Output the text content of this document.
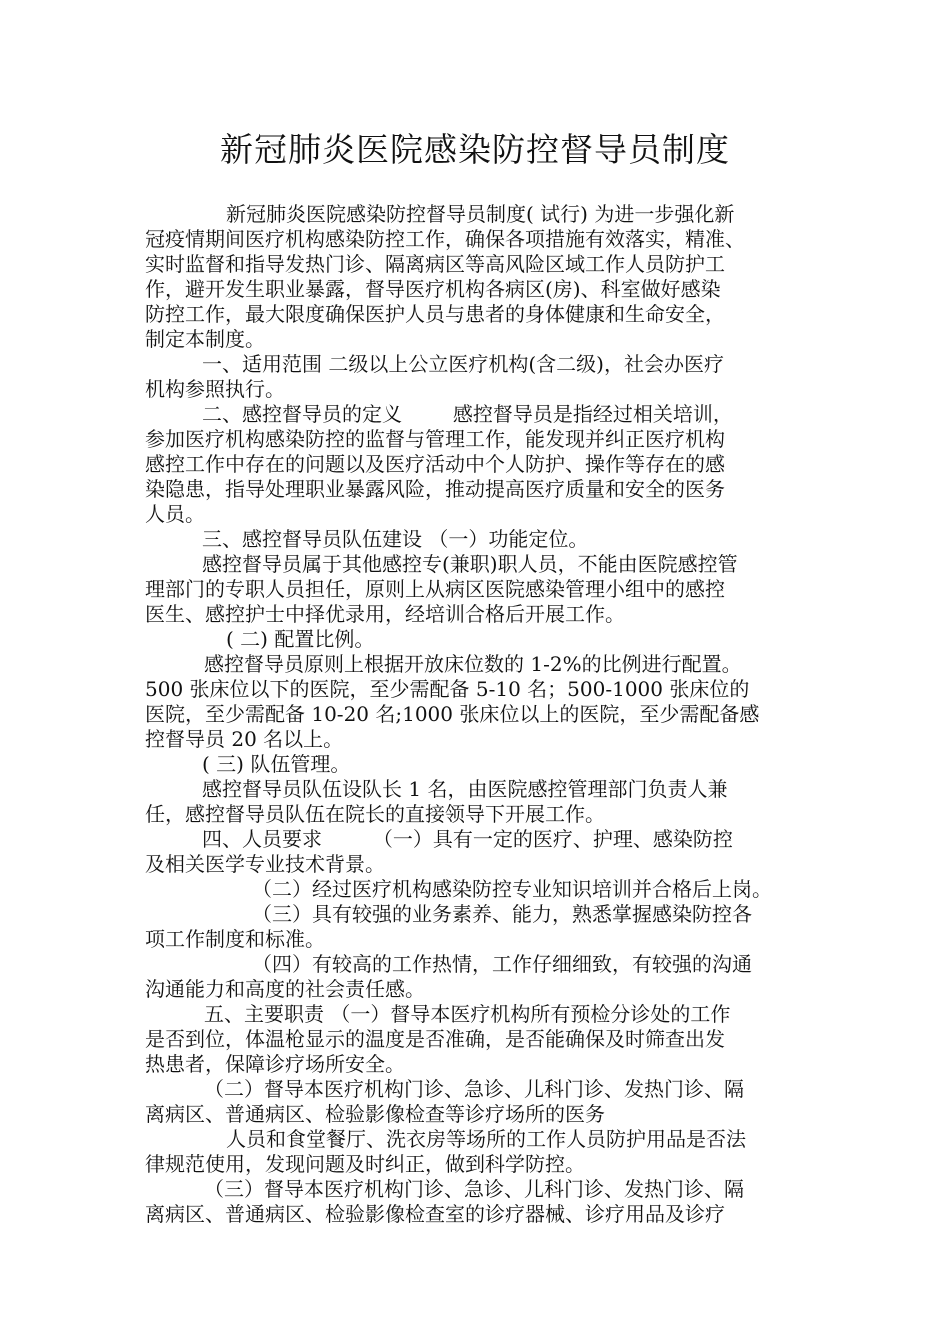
新冠肺炎医院感染防控督导员制度
新冠肺炎医院感染防控督导员制度( 试行) 为进一步强化新
冠疫情期间医疗机构感染防控工作，确保各项措施有效落实，精准、
实时监督和指导发热门诊、隔离病区等高风险区域工作人员防护工
作，避开发生职业暴露，督导医疗机构各病区(房)、科室做好感染
防控工作，最大限度确保医护人员与患者的身体健康和生命安全，
制定本制度。
一、适用范围 二级以上公立医疗机构(含二级)，社会办医疗
机构参照执行。
二、感控督导员的定义        感控督导员是指经过相关培训，
参加医疗机构感染防控的监督与管理工作，能发现并纠正医疗机构
感控工作中存在的问题以及医疗活动中个人防护、操作等存在的感
染隐患，指导处理职业暴露风险，推动提高医疗质量和安全的医务
人员。
三、感控督导员队伍建设 （一）功能定位。
感控督导员属于其他感控专(兼职)职人员，不能由医院感控管
理部门的专职人员担任，原则上从病区医院感染管理小组中的感控
医生、感控护士中择优录用，经培训合格后开展工作。
( 二) 配置比例。
感控督导员原则上根据开放床位数的 1-2%的比例进行配置。
500 张床位以下的医院，至少需配备 5-10 名；500-1000 张床位的
医院，至少需配备 10-20 名;1000 张床位以上的医院，至少需配备感
控督导员 20 名以上。
( 三) 队伍管理。
感控督导员队伍设队长 1 名，由医院感控管理部门负责人兼
任，感控督导员队伍在院长的直接领导下开展工作。
四、人员要求        （一）具有一定的医疗、护理、感染防控
及相关医学专业技术背景。
（二）经过医疗机构感染防控专业知识培训并合格后上岗。
（三）具有较强的业务素养、能力，熟悉掌握感染防控各
项工作制度和标准。
（四）有较高的工作热情，工作仔细细致，有较强的沟通
沟通能力和高度的社会责任感。
五、主要职责 （一）督导本医疗机构所有预检分诊处的工作
是否到位，体温枪显示的温度是否准确，是否能确保及时筛查出发
热患者，保障诊疗场所安全。
（二）督导本医疗机构门诊、急诊、儿科门诊、发热门诊、隔
离病区、普通病区、检验影像检查等诊疗场所的医务
人员和食堂餐厅、洗衣房等场所的工作人员防护用品是否法
律规范使用，发现问题及时纠正，做到科学防控。
（三）督导本医疗机构门诊、急诊、儿科门诊、发热门诊、隔
离病区、普通病区、检验影像检查室的诊疗器械、诊疗用品及诊疗
